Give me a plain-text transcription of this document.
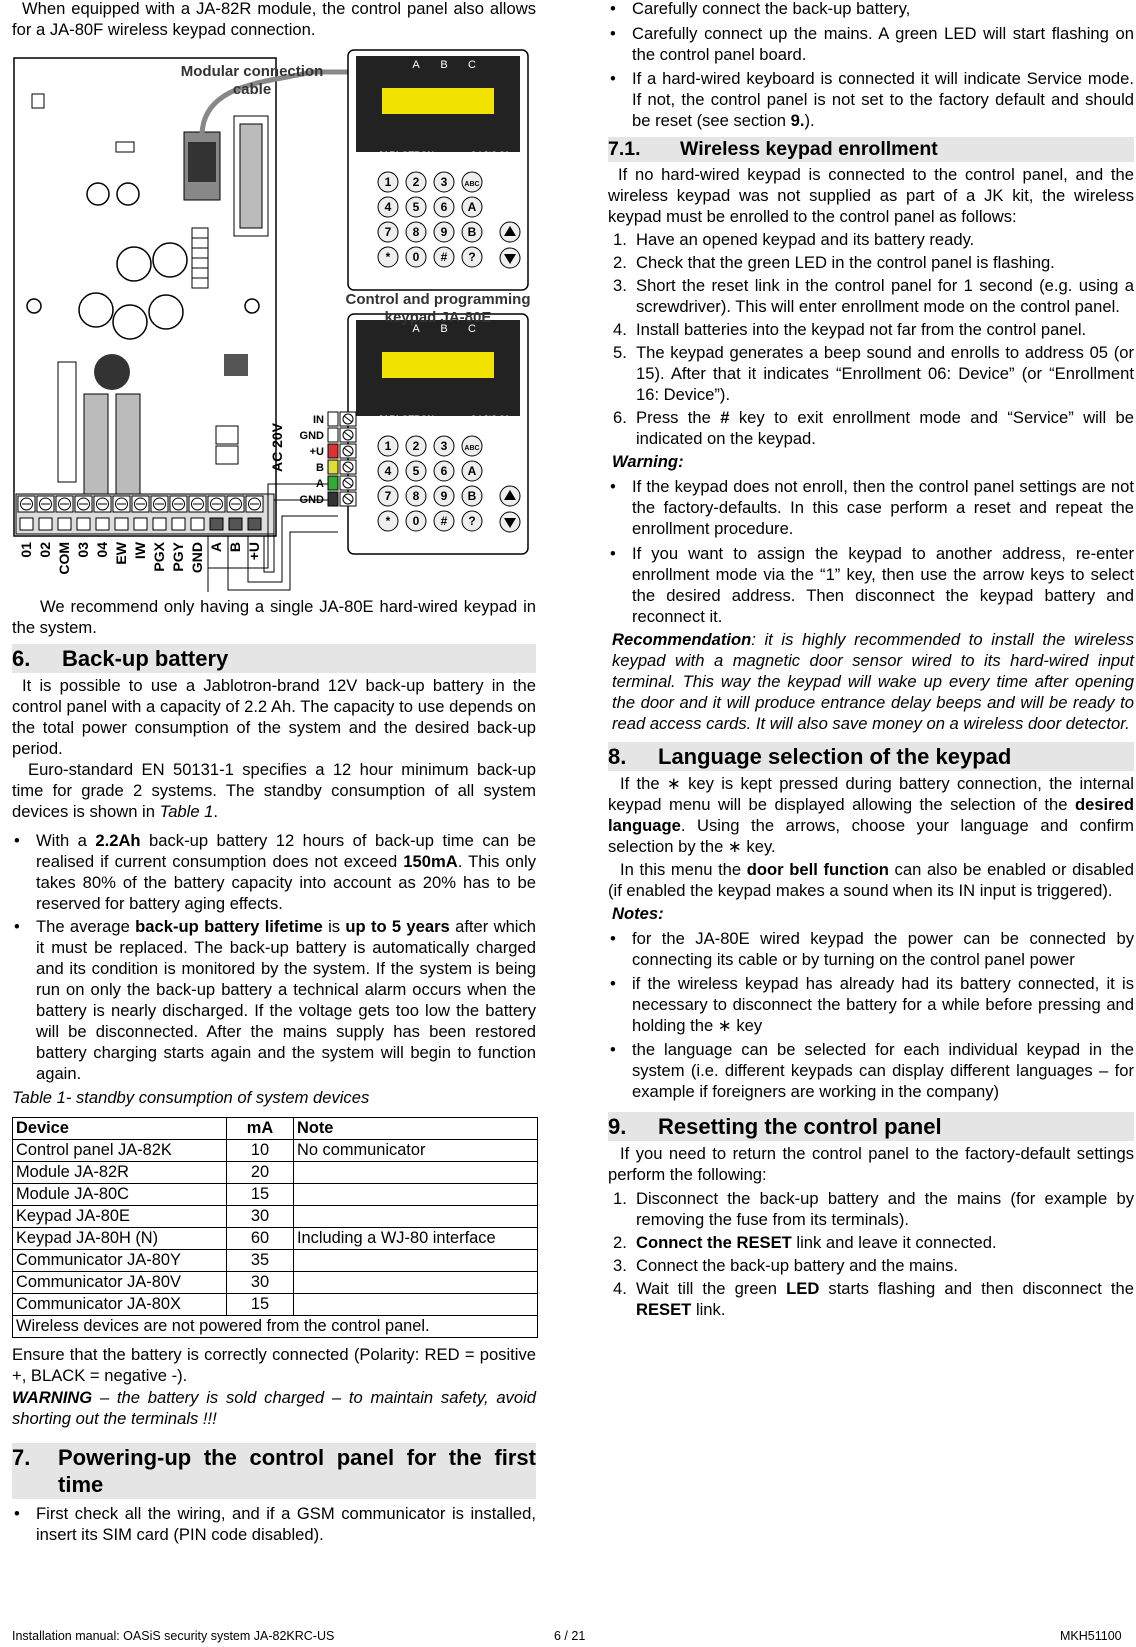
When equipped with a JA-82R module, the control panel also allows for a JA-80F wireless keypad connection.

AC 20V
01 02 COM 03 04 EW IW PGX PGY GND A B +U
A B C
JABLOTRON	OASiS 80
1 2 3 ABC
4 5 6 A
7 8 9 B
* 0 # ?
A B C
JABLOTRON	OASiS 80
1 2 3 ABC
4 5 6 A
7 8 9 B
* 0 # ?
IN
GND
+U
B
A
GND
Modular connection cable
Control and programming keypad JA-80E

We recommend only having a single JA-80E hard-wired keypad in the system.

6. Back-up battery

It is possible to use a Jablotron-brand 12V back-up battery in the control panel with a capacity of 2.2 Ah. The capacity to use depends on the total power consumption of the system and the desired back-up period.

Euro-standard EN 50131-1 specifies a 12 hour minimum back-up time for grade 2 systems. The standby consumption of all system devices is shown in Table 1.

• With a 2.2Ah back-up battery 12 hours of back-up time can be realised if current consumption does not exceed 150mA. This only takes 80% of the battery capacity into account as 20% has to be reserved for battery aging effects.
• The average back-up battery lifetime is up to 5 years after which it must be replaced. The back-up battery is automatically charged and its condition is monitored by the system. If the system is being run on only the back-up battery a technical alarm occurs when the battery is nearly discharged. If the voltage gets too low the battery will be disconnected. After the mains supply has been restored battery charging starts again and the system will begin to function again.

Table 1- standby consumption of system devices

Device	mA	Note
Control panel JA-82K	10	No communicator
Module JA-82R	20	
Module JA-80C	15	
Keypad JA-80E	30	
Keypad JA-80H (N)	60	Including a WJ-80 interface
Communicator JA-80Y	35	
Communicator JA-80V	30	
Communicator JA-80X	15	
Wireless devices are not powered from the control panel.		

Ensure that the battery is correctly connected (Polarity: RED = positive +, BLACK = negative -).

WARNING – the battery is sold charged – to maintain safety, avoid shorting out the terminals !!!

7.	Powering-up the control panel for the first time
• First check all the wiring, and if a GSM communicator is installed, insert its SIM card (PIN code disabled).
• Carefully connect the back-up battery,
• Carefully connect up the mains. A green LED will start flashing on the control panel board.
• If a hard-wired keyboard is connected it will indicate Service mode. If not, the control panel is not set to the factory default and should be reset (see section 9.).
7.1. Wireless keypad enrollment

If no hard-wired keypad is connected to the control panel, and the wireless keypad was not supplied as part of a JK kit, the wireless keypad must be enrolled to the control panel as follows:

1. Have an opened keypad and its battery ready.
2. Check that the green LED in the control panel is flashing.
3. Short the reset link in the control panel for 1 second (e.g. using a screwdriver). This will enter enrollment mode on the control panel.
4. Install batteries into the keypad not far from the control panel.
5. The keypad generates a beep sound and enrolls to address 05 (or 15). After that it indicates “Enrollment 06: Device” (or “Enrollment 16: Device”).
6. Press the # key to exit enrollment mode and “Service” will be indicated on the keypad.

Warning:

• If the keypad does not enroll, then the control panel settings are not the factory-defaults. In this case perform a reset and repeat the enrollment procedure.
• If you want to assign the keypad to another address, re-enter enrollment mode via the “1” key, then use the arrow keys to select the desired address. Then disconnect the keypad battery and reconnect it.

Recommendation: it is highly recommended to install the wireless keypad with a magnetic door sensor wired to its hard-wired input terminal. This way the keypad will wake up every time after opening the door and it will produce entrance delay beeps and will be ready to read access cards. It will also save money on a wireless door detector.

8. Language selection of the keypad

If the ∗ key is kept pressed during battery connection, the internal keypad menu will be displayed allowing the selection of the desired language. Using the arrows, choose your language and confirm selection by the ∗ key.

In this menu the door bell function can also be enabled or disabled (if enabled the keypad makes a sound when its IN input is triggered).

Notes:

• for the JA-80E wired keypad the power can be connected by connecting its cable or by turning on the control panel power
• if the wireless keypad has already had its battery connected, it is necessary to disconnect the battery for a while before pressing and holding the ∗ key
• the language can be selected for each individual keypad in the system (i.e. different keypads can display different languages – for example if foreigners are working in the company)
9. Resetting the control panel

If you need to return the control panel to the factory-default settings perform the following:

1. Disconnect the back-up battery and the mains (for example by removing the fuse from its terminals).
2. Connect the RESET link and leave it connected.
3. Connect the back-up battery and the mains.
4. Wait till the green LED starts flashing and then disconnect the RESET link.
Installation manual: OASiS security system JA-82KRC-US	6 / 21	MKH51100
